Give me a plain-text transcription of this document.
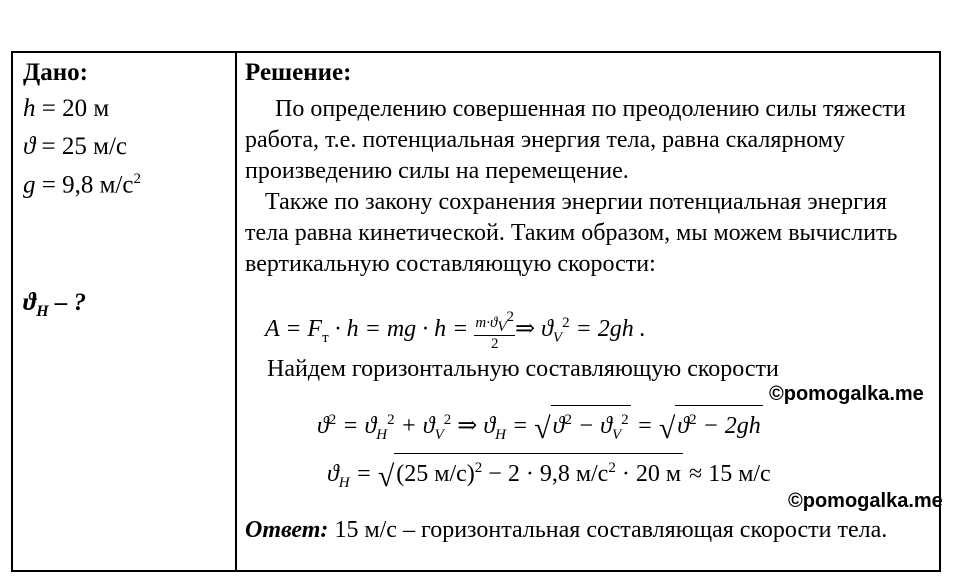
Дано:
h = 20 м
ϑ = 25 м/с
g = 9,8 $м/с^2$
$ϑ_H$ – ?
Решение:
По определению совершенная по преодолению силы тяжести работа, т.е. потенциальная энергия тела, равна скалярному произведению силы на перемещение.
Также по закону сохранения энергии потенциальная энергия тела равна кинетической. Таким образом, мы можем вычислить вертикальную составляющую скорости:
$A = F_т \cdot h$ = mg · $h = \frac{m\cdot ϑ_V^2}{2}$ ⇒ $ϑ_V^2 = 2gh$ .
Найдем горизонтальную составляющую скорости
©pomogalka.me
$ϑ^2 = ϑ_H^2 + ϑ_V^2$ ⇒ $ϑ_H = √ϑ^2 - ϑ_V^2 = √ϑ^2 - 2gh$
$ϑ_H = √(25$ м/с)$^2$ − 2 · 9,8 $м/с^2 \cdot 20$ м ≈ 15 м/с
©pomogalka.me
Ответ: 15 м/с – горизонтальная составляющая скорости тела.
